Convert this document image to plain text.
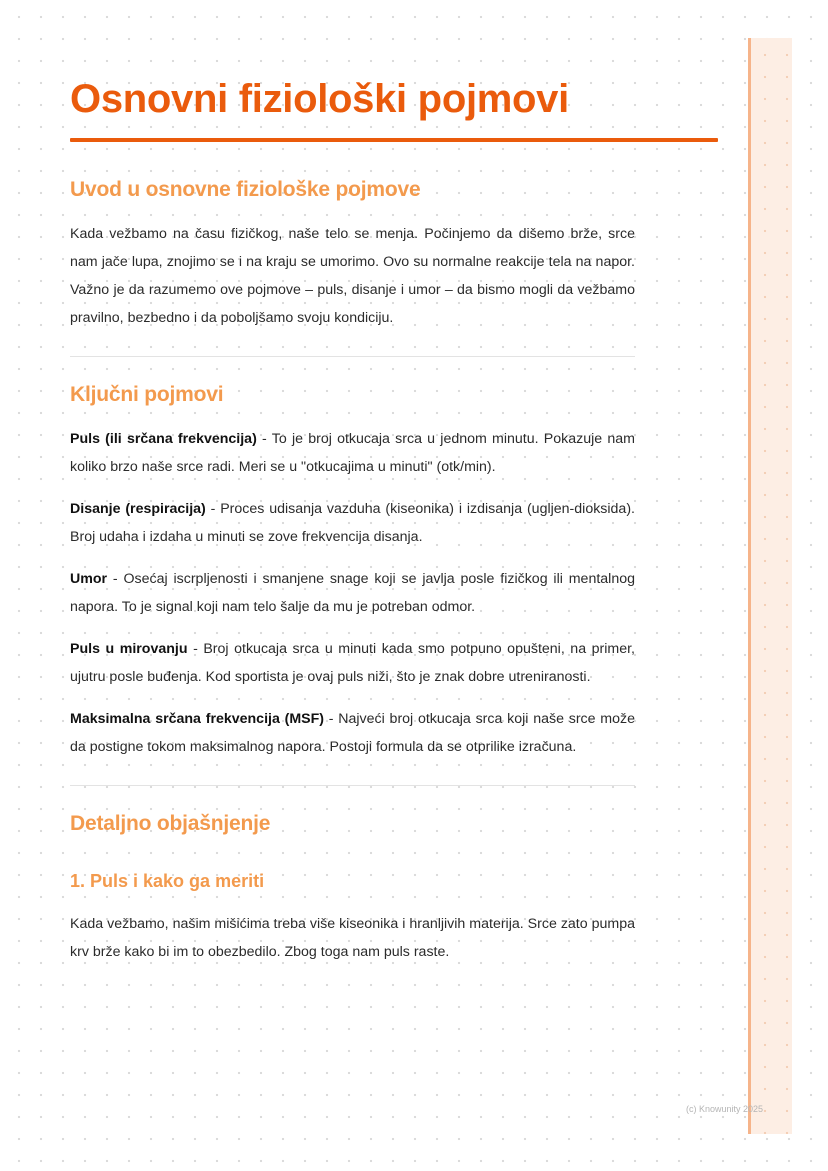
Osnovni fiziološki pojmovi
Uvod u osnovne fiziološke pojmove

Kada vežbamo na času fizičkog, naše telo se menja. Počinjemo da dišemo brže, srce nam jače lupa, znojimo se i na kraju se umorimo. Ovo su normalne reakcije tela na napor. Važno je da razumemo ove pojmove – puls, disanje i umor – da bismo mogli da vežbamo pravilno, bezbedno i da poboljšamo svoju kondiciju.

Ključni pojmovi

Puls (ili srčana frekvencija) - To je broj otkucaja srca u jednom minutu. Pokazuje nam koliko brzo naše srce radi. Meri se u "otkucajima u minuti" (otk/min).

Disanje (respiracija) - Proces udisanja vazduha (kiseonika) i izdisanja (ugljen-dioksida). Broj udaha i izdaha u minuti se zove frekvencija disanja.

Umor - Osećaj iscrpljenosti i smanjene snage koji se javlja posle fizičkog ili mentalnog napora. To je signal koji nam telo šalje da mu je potreban odmor.

Puls u mirovanju - Broj otkucaja srca u minuti kada smo potpuno opušteni, na primer, ujutru posle buđenja. Kod sportista je ovaj puls niži, što je znak dobre utreniranosti.

Maksimalna srčana frekvencija (MSF) - Najveći broj otkucaja srca koji naše srce može da postigne tokom maksimalnog napora. Postoji formula da se otprilike izračuna.

Detaljno objašnjenje
1. Puls i kako ga meriti

Kada vežbamo, našim mišićima treba više kiseonika i hranljivih materija. Srce zato pumpa krv brže kako bi im to obezbedilo. Zbog toga nam puls raste.

(c) Knowunity 2025
